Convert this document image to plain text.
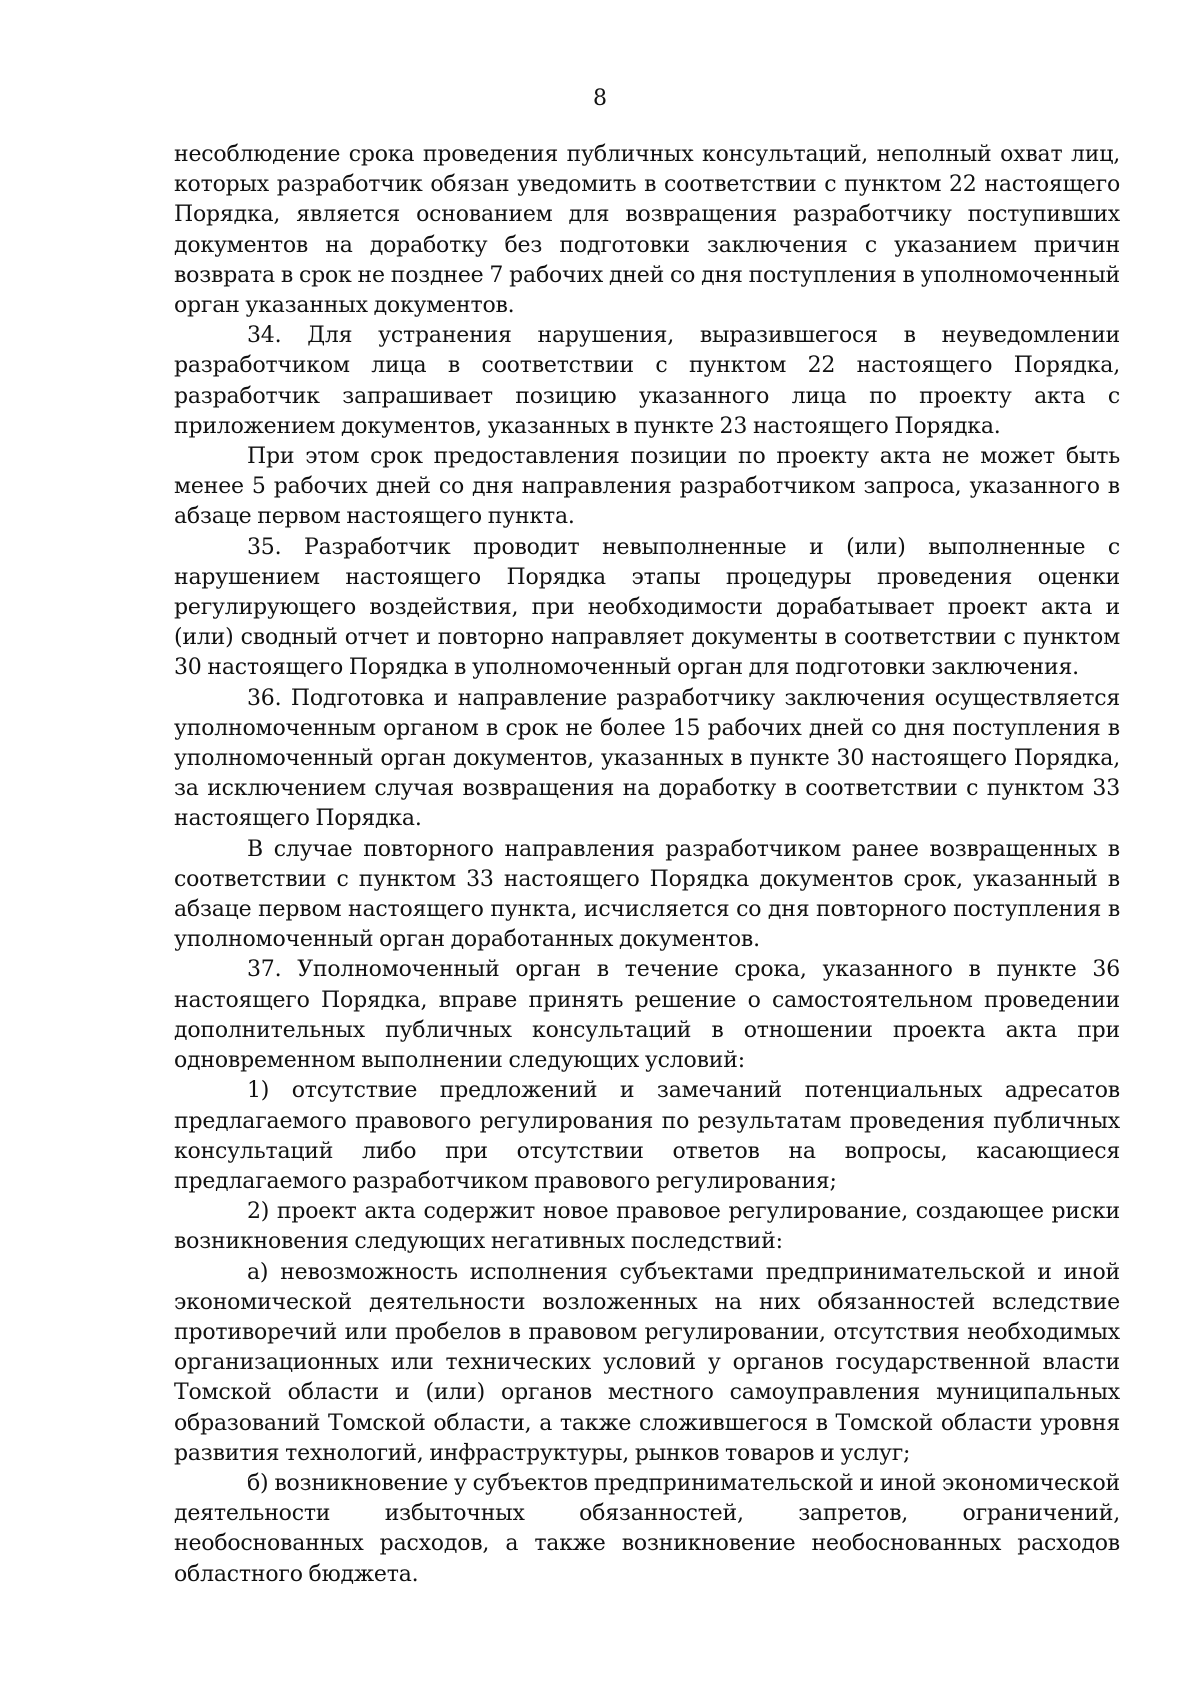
8

несоблюдение срока проведения публичных консультаций, неполный охват лиц, которых разработчик обязан уведомить в соответствии с пунктом 22 настоящего Порядка, является основанием для возвращения разработчику поступивших документов на доработку без подготовки заключения с указанием причин возврата в срок не позднее 7 рабочих дней со дня поступления в уполномоченный орган указанных документов.

34. Для устранения нарушения, выразившегося в неуведомлении разработчиком лица в соответствии с пунктом 22 настоящего Порядка, разработчик запрашивает позицию указанного лица по проекту акта с приложением документов, указанных в пункте 23 настоящего Порядка.

При этом срок предоставления позиции по проекту акта не может быть менее 5 рабочих дней со дня направления разработчиком запроса, указанного в абзаце первом настоящего пункта.

35. Разработчик проводит невыполненные и (или) выполненные с нарушением настоящего Порядка этапы процедуры проведения оценки регулирующего воздействия, при необходимости дорабатывает проект акта и (или) сводный отчет и повторно направляет документы в соответствии с пунктом 30 настоящего Порядка в уполномоченный орган для подготовки заключения.

36. Подготовка и направление разработчику заключения осуществляется уполномоченным органом в срок не более 15 рабочих дней со дня поступления в уполномоченный орган документов, указанных в пункте 30 настоящего Порядка, за исключением случая возвращения на доработку в соответствии с пунктом 33 настоящего Порядка.

В случае повторного направления разработчиком ранее возвращенных в соответствии с пунктом 33 настоящего Порядка документов срок, указанный в абзаце первом настоящего пункта, исчисляется со дня повторного поступления в уполномоченный орган доработанных документов.

37. Уполномоченный орган в течение срока, указанного в пункте 36 настоящего Порядка, вправе принять решение о самостоятельном проведении дополнительных публичных консультаций в отношении проекта акта при одновременном выполнении следующих условий:

1) отсутствие предложений и замечаний потенциальных адресатов предлагаемого правового регулирования по результатам проведения публичных консультаций либо при отсутствии ответов на вопросы, касающиеся предлагаемого разработчиком правового регулирования;

2) проект акта содержит новое правовое регулирование, создающее риски возникновения следующих негативных последствий:

а) невозможность исполнения субъектами предпринимательской и иной экономической деятельности возложенных на них обязанностей вследствие противоречий или пробелов в правовом регулировании, отсутствия необходимых организационных или технических условий у органов государственной власти Томской области и (или) органов местного самоуправления муниципальных образований Томской области, а также сложившегося в Томской области уровня развития технологий, инфраструктуры, рынков товаров и услуг;

б) возникновение у субъектов предпринимательской и иной экономической деятельности избыточных обязанностей, запретов, ограничений, необоснованных расходов, а также возникновение необоснованных расходов областного бюджета.
